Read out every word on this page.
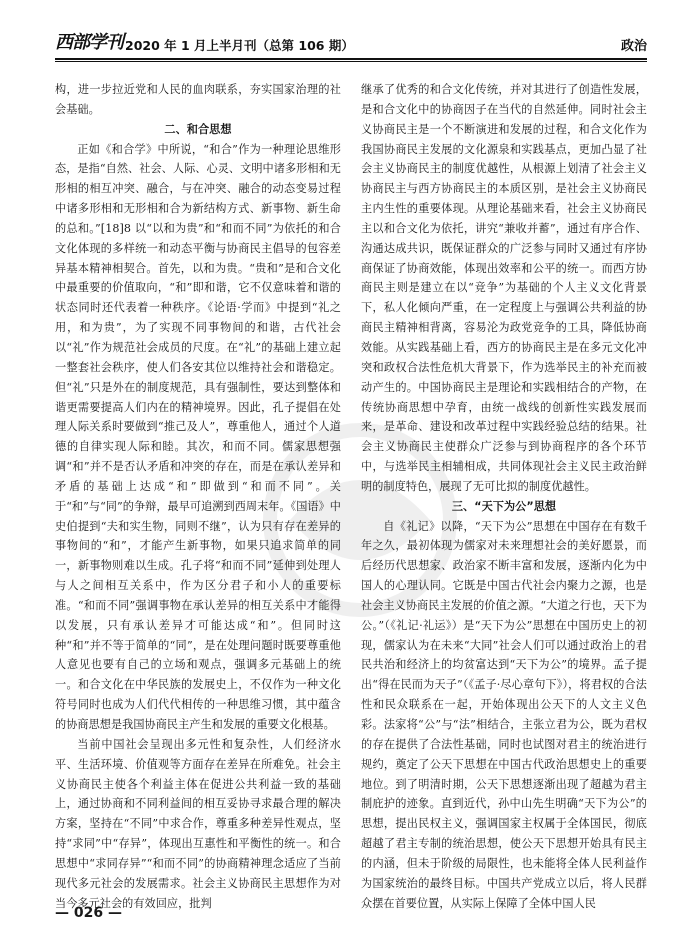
西部学刊 2020 年 1 月上半月刊（总第 106 期）	政治

构，进一步拉近党和人民的血肉联系，夯实国家治理的社会基础。

二、和合思想

正如《和合学》中所说，“和合”作为一种理论思维形态，是指“自然、社会、人际、心灵、文明中诸多形相和无形相的相互冲突、融合，与在冲突、融合的动态变易过程中诸多形相和无形相和合为新结构方式、新事物、新生命的总和。”[18]8 以“以和为贵”和“和而不同”为依托的和合文化体现的多样统一和动态平衡与协商民主倡导的包容差异基本精神相契合。首先，以和为贵。“贵和”是和合文化中最重要的价值取向，“和”即和谐，它不仅意味着和谐的状态同时还代表着一种秩序。《论语·学而》中提到“礼之用，和为贵”，为了实现不同事物间的和谐，古代社会以“礼”作为规范社会成员的尺度。在“礼”的基础上建立起一整套社会秩序，使人们各安其位以维持社会和谐稳定。但“礼”只是外在的制度规范，具有强制性，要达到整体和谐更需要提高人们内在的精神境界。因此，孔子提倡在处理人际关系时要做到“推己及人”，尊重他人，通过个人道德的自律实现人际和睦。其次，和而不同。儒家思想强调“和”并不是否认矛盾和冲突的存在，而是在承认差异和矛盾的基础上达成“和”即做到“和而不同”。关于“和”与“同”的争辩，最早可追溯到西周末年。《国语》中史伯提到“夫和实生物，同则不继”，认为只有存在差异的事物间的“和”，才能产生新事物，如果只追求简单的同一，新事物则难以生成。孔子将“和而不同”延伸到处理人与人之间相互关系中，作为区分君子和小人的重要标准。“和而不同”强调事物在承认差异的相互关系中才能得以发展，只有承认差异才可能达成“和”。但同时这种“和”并不等于简单的“同”，是在处理问题时既要尊重他人意见也要有自己的立场和观点，强调多元基础上的统一。和合文化在中华民族的发展史上，不仅作为一种文化符号同时也成为人们代代相传的一种思维习惯，其中蕴含的协商思想是我国协商民主产生和发展的重要文化根基。

当前中国社会呈现出多元性和复杂性，人们经济水平、生活环境、价值观等方面存在差异在所难免。社会主义协商民主使各个利益主体在促进公共利益一致的基础上，通过协商和不同利益间的相互妥协寻求最合理的解决方案，坚持在“不同”中求合作，尊重多种差异性观点，坚持“求同”中“存异”，体现出互惠性和平衡性的统一。和合思想中“求同存异”“和而不同”的协商精神理念适应了当前现代多元社会的发展需求。社会主义协商民主思想作为对当今多元社会的有效回应，批判

继承了优秀的和合文化传统，并对其进行了创造性发展，是和合文化中的协商因子在当代的自然延伸。同时社会主义协商民主是一个不断演进和发展的过程，和合文化作为我国协商民主发展的文化源泉和实践基点，更加凸显了社会主义协商民主的制度优越性，从根源上划清了社会主义协商民主与西方协商民主的本质区别，是社会主义协商民主内生性的重要体现。从理论基础来看，社会主义协商民主以和合文化为依托，讲究“兼收并蓄”，通过有序合作、沟通达成共识，既保证群众的广泛参与同时又通过有序协商保证了协商效能，体现出效率和公平的统一。而西方协商民主则是建立在以“竞争”为基础的个人主义文化背景下，私人化倾向严重，在一定程度上与强调公共利益的协商民主精神相背离，容易沦为政党竞争的工具，降低协商效能。从实践基础上看，西方的协商民主是在多元文化冲突和政权合法性危机大背景下，作为选举民主的补充而被动产生的。中国协商民主是理论和实践相结合的产物，在传统协商思想中孕育，由统一战线的创新性实践发展而来，是革命、建设和改革过程中实践经验总结的结果。社会主义协商民主使群众广泛参与到协商程序的各个环节中，与选举民主相辅相成，共同体现社会主义民主政治鲜明的制度特色，展现了无可比拟的制度优越性。

三、“天下为公”思想

自《礼记》以降，“天下为公”思想在中国存在有数千年之久，最初体现为儒家对未来理想社会的美好愿景，而后经历代思想家、政治家不断丰富和发展，逐渐内化为中国人的心理认同。它既是中国古代社会内聚力之源，也是社会主义协商民主发展的价值之源。“大道之行也，天下为公。”（《礼记·礼运》）是“天下为公”思想在中国历史上的初现，儒家认为在未来“大同”社会人们可以通过政治上的君民共治和经济上的均贫富达到“天下为公”的境界。孟子提出“得在民而为天子”（《孟子·尽心章句下》），将君权的合法性和民众联系在一起，开始体现出公天下的人文主义色彩。法家将“公”与“法”相结合，主张立君为公，既为君权的存在提供了合法性基础，同时也试图对君主的统治进行规约，奠定了公天下思想在中国古代政治思想史上的重要地位。到了明清时期，公天下思想逐渐出现了超越为君主制庇护的迹象。直到近代，孙中山先生明确“天下为公”的思想，提出民权主义，强调国家主权属于全体国民，彻底超越了君主专制的统治思想，使公天下思想开始具有民主的内涵，但未于阶级的局限性，也未能将全体人民利益作为国家统治的最终目标。中国共产党成立以后，将人民群众摆在首要位置，从实际上保障了全体中国人民

— 026 —
